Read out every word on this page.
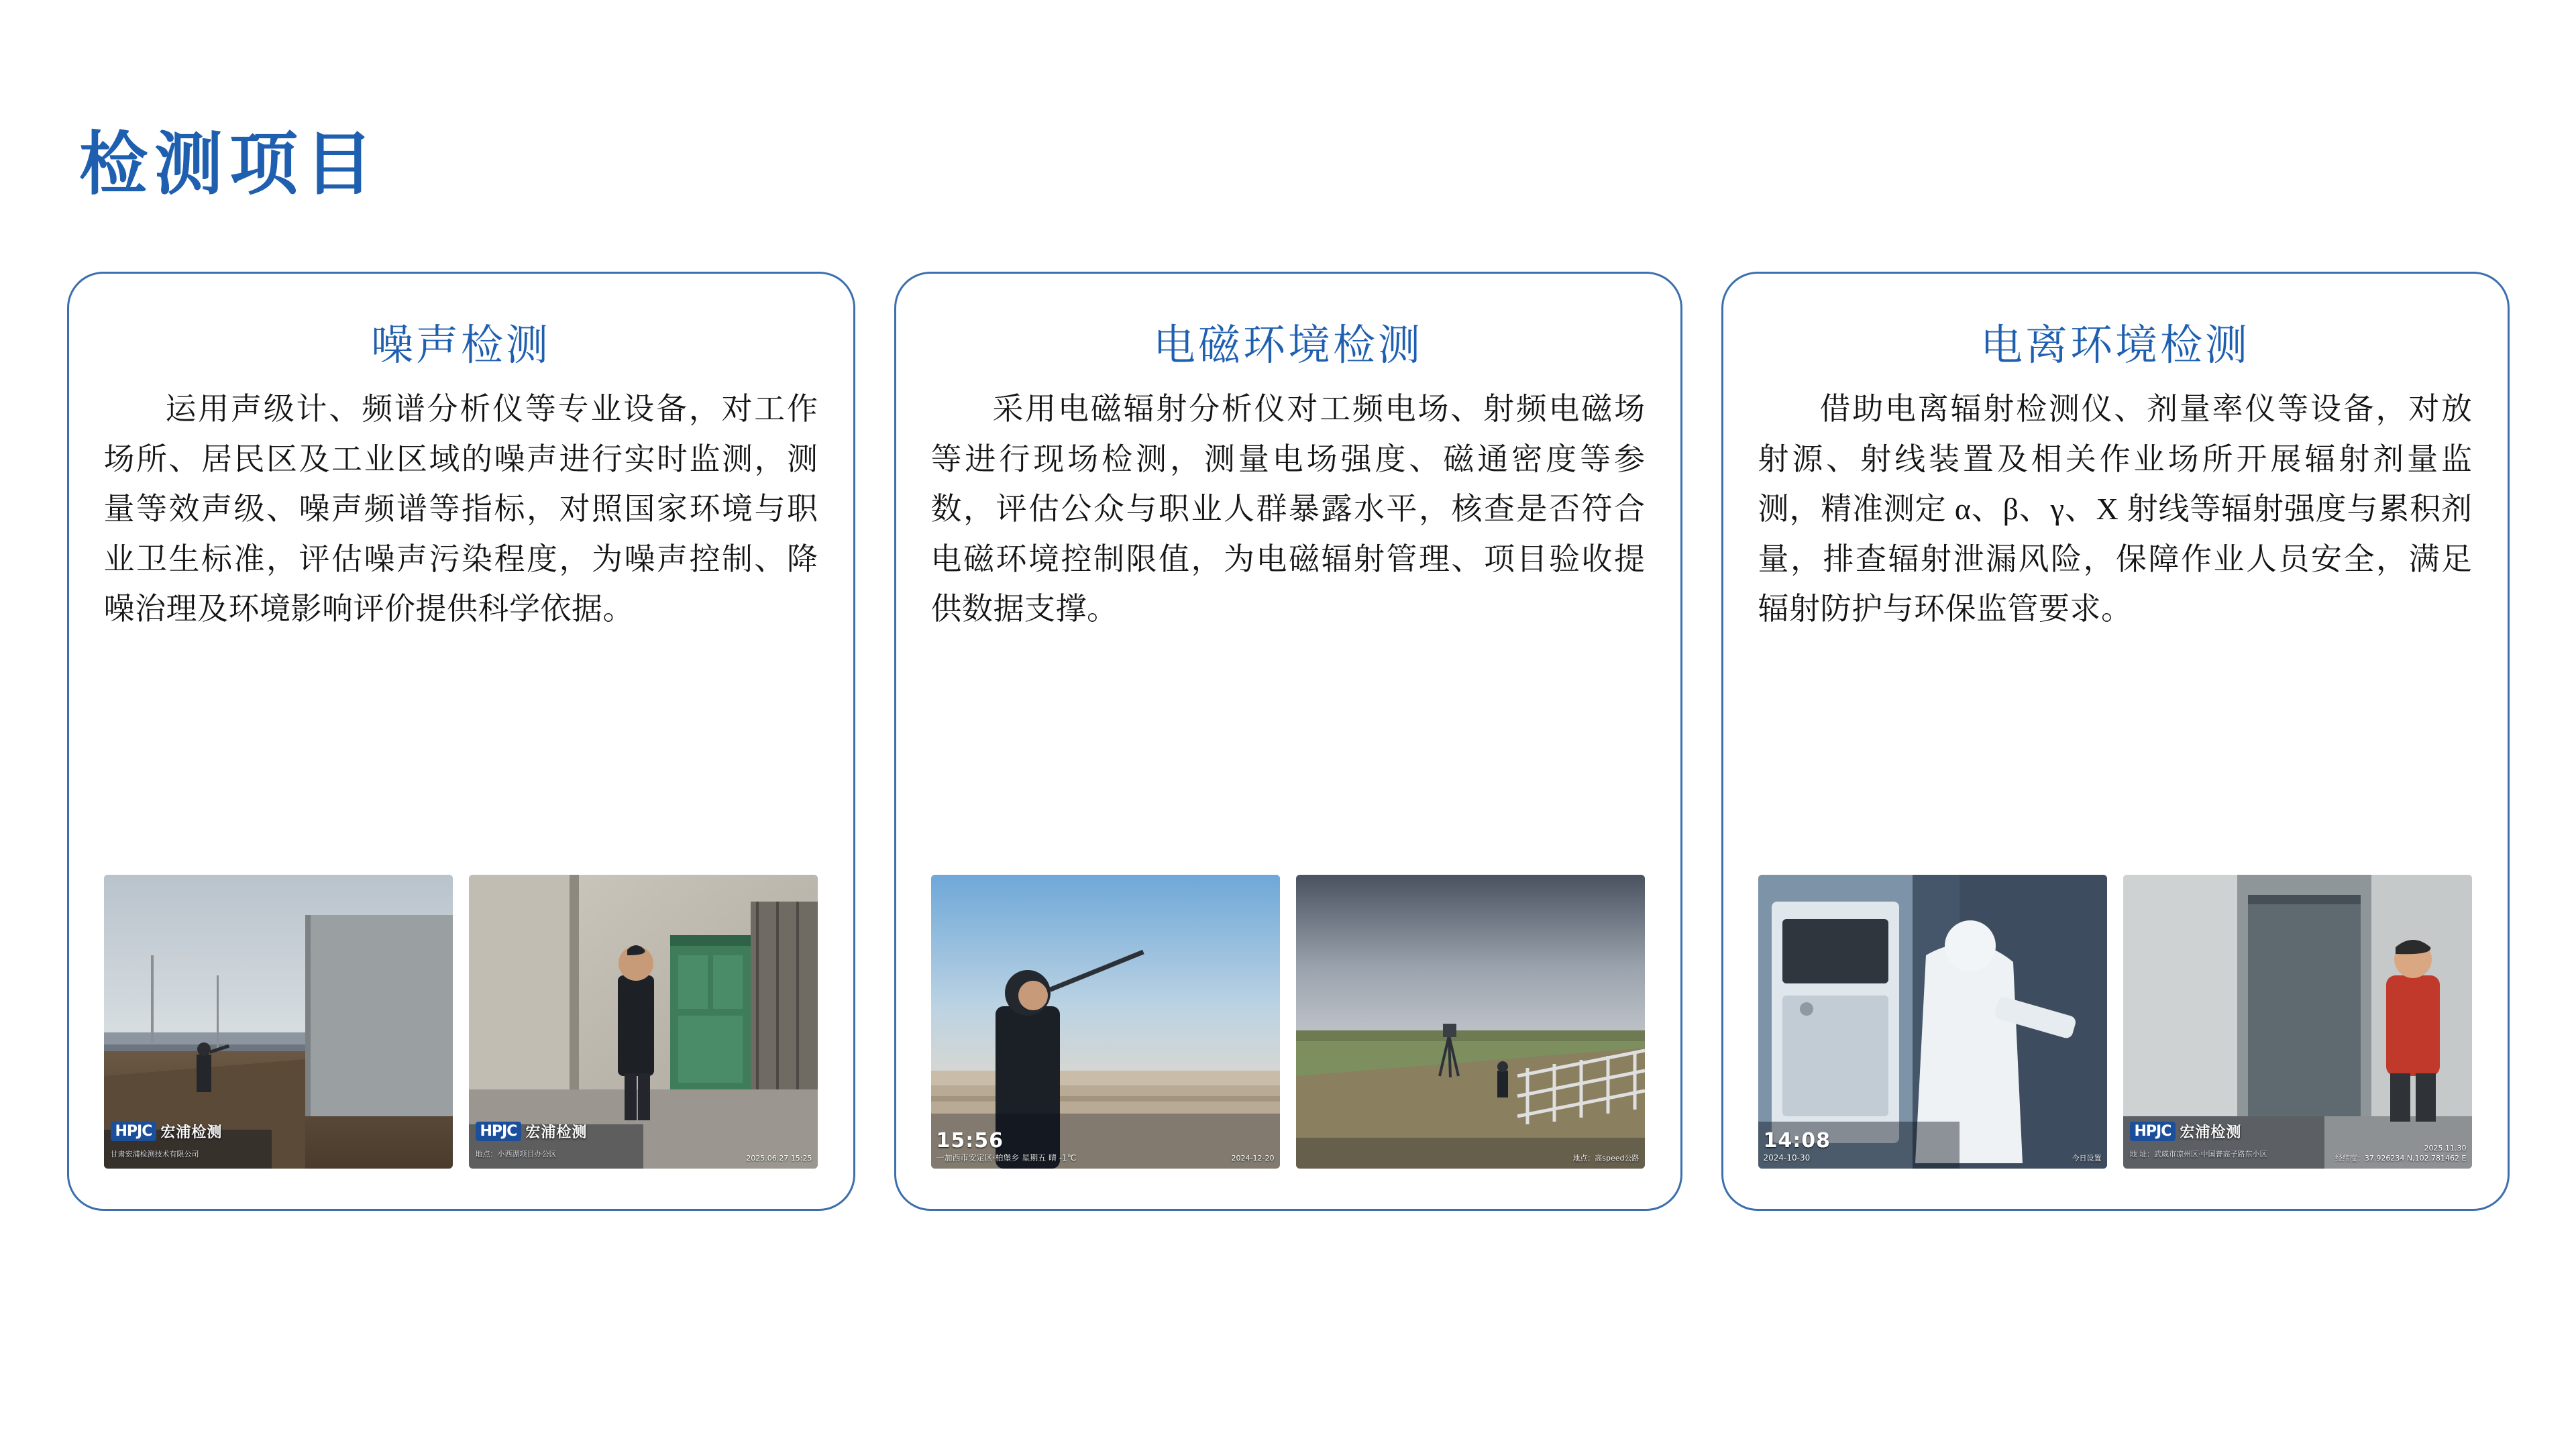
检测项目
噪声检测
运用声级计、频谱分析仪等专业设备，对工作场所、居民区及工业区域的噪声进行实时监测，测量等效声级、噪声频谱等指标，对照国家环境与职业卫生标准，评估噪声污染程度，为噪声控制、降噪治理及环境影响评价提供科学依据。
HPJC 宏浦检测
甘肃宏浦检测技术有限公司
HPJC 宏浦检测
地点：小西湖项目办公区	2025.06.27 15:25
电磁环境检测
采用电磁辐射分析仪对工频电场、射频电磁场等进行现场检测，测量电场强度、磁通密度等参数，评估公众与职业人群暴露水平，核查是否符合电磁环境控制限值，为电磁辐射管理、项目验收提供数据支撑。
15:56
一加西市安定区·柏堡乡 星期五 晴 -1℃	2024-12-20	地点：高speed公路
电离环境检测
借助电离辐射检测仪、剂量率仪等设备，对放射源、射线装置及相关作业场所开展辐射剂量监测，精准测定 α、β、γ、X 射线等辐射强度与累积剂量，排查辐射泄漏风险，保障作业人员安全，满足辐射防护与环保监管要求。
14:08
2024-10-30	今日设置
HPJC 宏浦检测
地 址：武威市凉州区·中国普高子路东小区
2025.11.30
经纬度：37.926234 N,102.781462 E
